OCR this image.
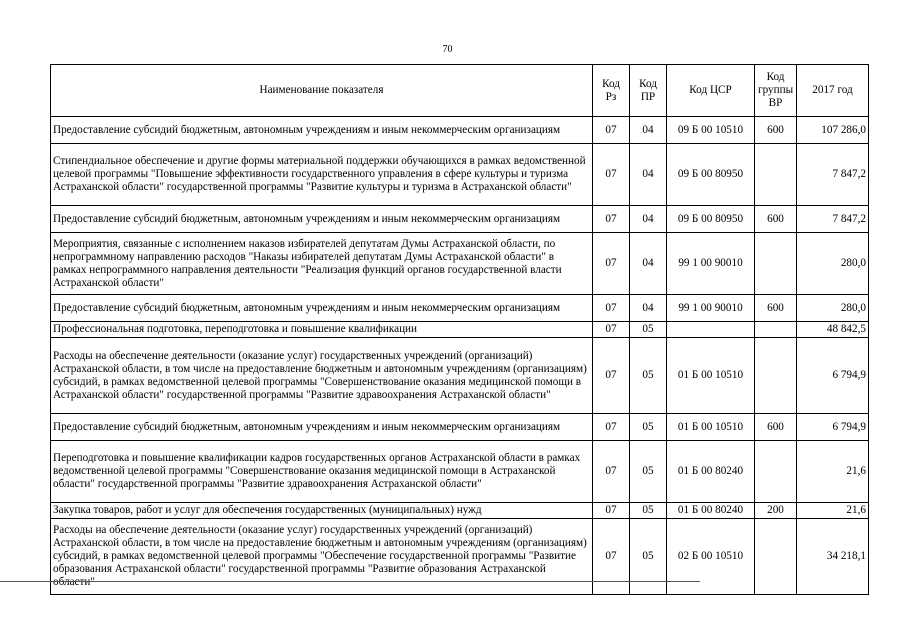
70
Наименование показателя	Код Рз	Код ПР	Код ЦСР	Код группы ВР	2017 год
Предоставление субсидий бюджетным, автономным учреждениям и иным некоммерческим организациям	07	04	09 Б 00 10510	600	107 286,0
Стипендиальное обеспечение и другие формы материальной поддержки обучающихся в рамках ведомственной целевой программы "Повышение эффективности государственного управления в сфере культуры и туризма Астраханской области" государственной программы "Развитие культуры и туризма в Астраханской области"	07	04	09 Б 00 80950		7 847,2
Предоставление субсидий бюджетным, автономным учреждениям и иным некоммерческим организациям	07	04	09 Б 00 80950	600	7 847,2
Мероприятия, связанные с исполнением наказов избирателей депутатам Думы Астраханской области, по непрограммному направлению расходов "Наказы избирателей депутатам Думы Астраханской области" в рамках непрограммного направления деятельности "Реализация функций органов государственной власти Астраханской области"	07	04	99 1 00 90010		280,0
Предоставление субсидий бюджетным, автономным учреждениям и иным некоммерческим организациям	07	04	99 1 00 90010	600	280,0
Профессиональная подготовка, переподготовка и повышение квалификации	07	05			48 842,5
Расходы на обеспечение деятельности (оказание услуг) государственных учреждений (организаций) Астраханской области, в том числе на предоставление бюджетным и автономным учреждениям (организациям) субсидий, в рамках ведомственной целевой программы "Совершенствование оказания медицинской помощи в Астраханской области" государственной программы "Развитие здравоохранения Астраханской области"	07	05	01 Б 00 10510		6 794,9
Предоставление субсидий бюджетным, автономным учреждениям и иным некоммерческим организациям	07	05	01 Б 00 10510	600	6 794,9
Переподготовка и повышение квалификации кадров государственных органов Астраханской области в рамках ведомственной целевой программы "Совершенствование оказания медицинской помощи в Астраханской области" государственной программы "Развитие здравоохранения Астраханской области"	07	05	01 Б 00 80240		21,6
Закупка товаров, работ и услуг для обеспечения государственных (муниципальных) нужд	07	05	01 Б 00 80240	200	21,6
Расходы на обеспечение деятельности (оказание услуг) государственных учреждений (организаций) Астраханской области, в том числе на предоставление бюджетным и автономным учреждениям (организациям) субсидий, в рамках ведомственной целевой программы "Обеспечение государственной программы "Развитие образования Астраханской области" государственной программы "Развитие образования Астраханской области"	07	05	02 Б 00 10510		34 218,1
